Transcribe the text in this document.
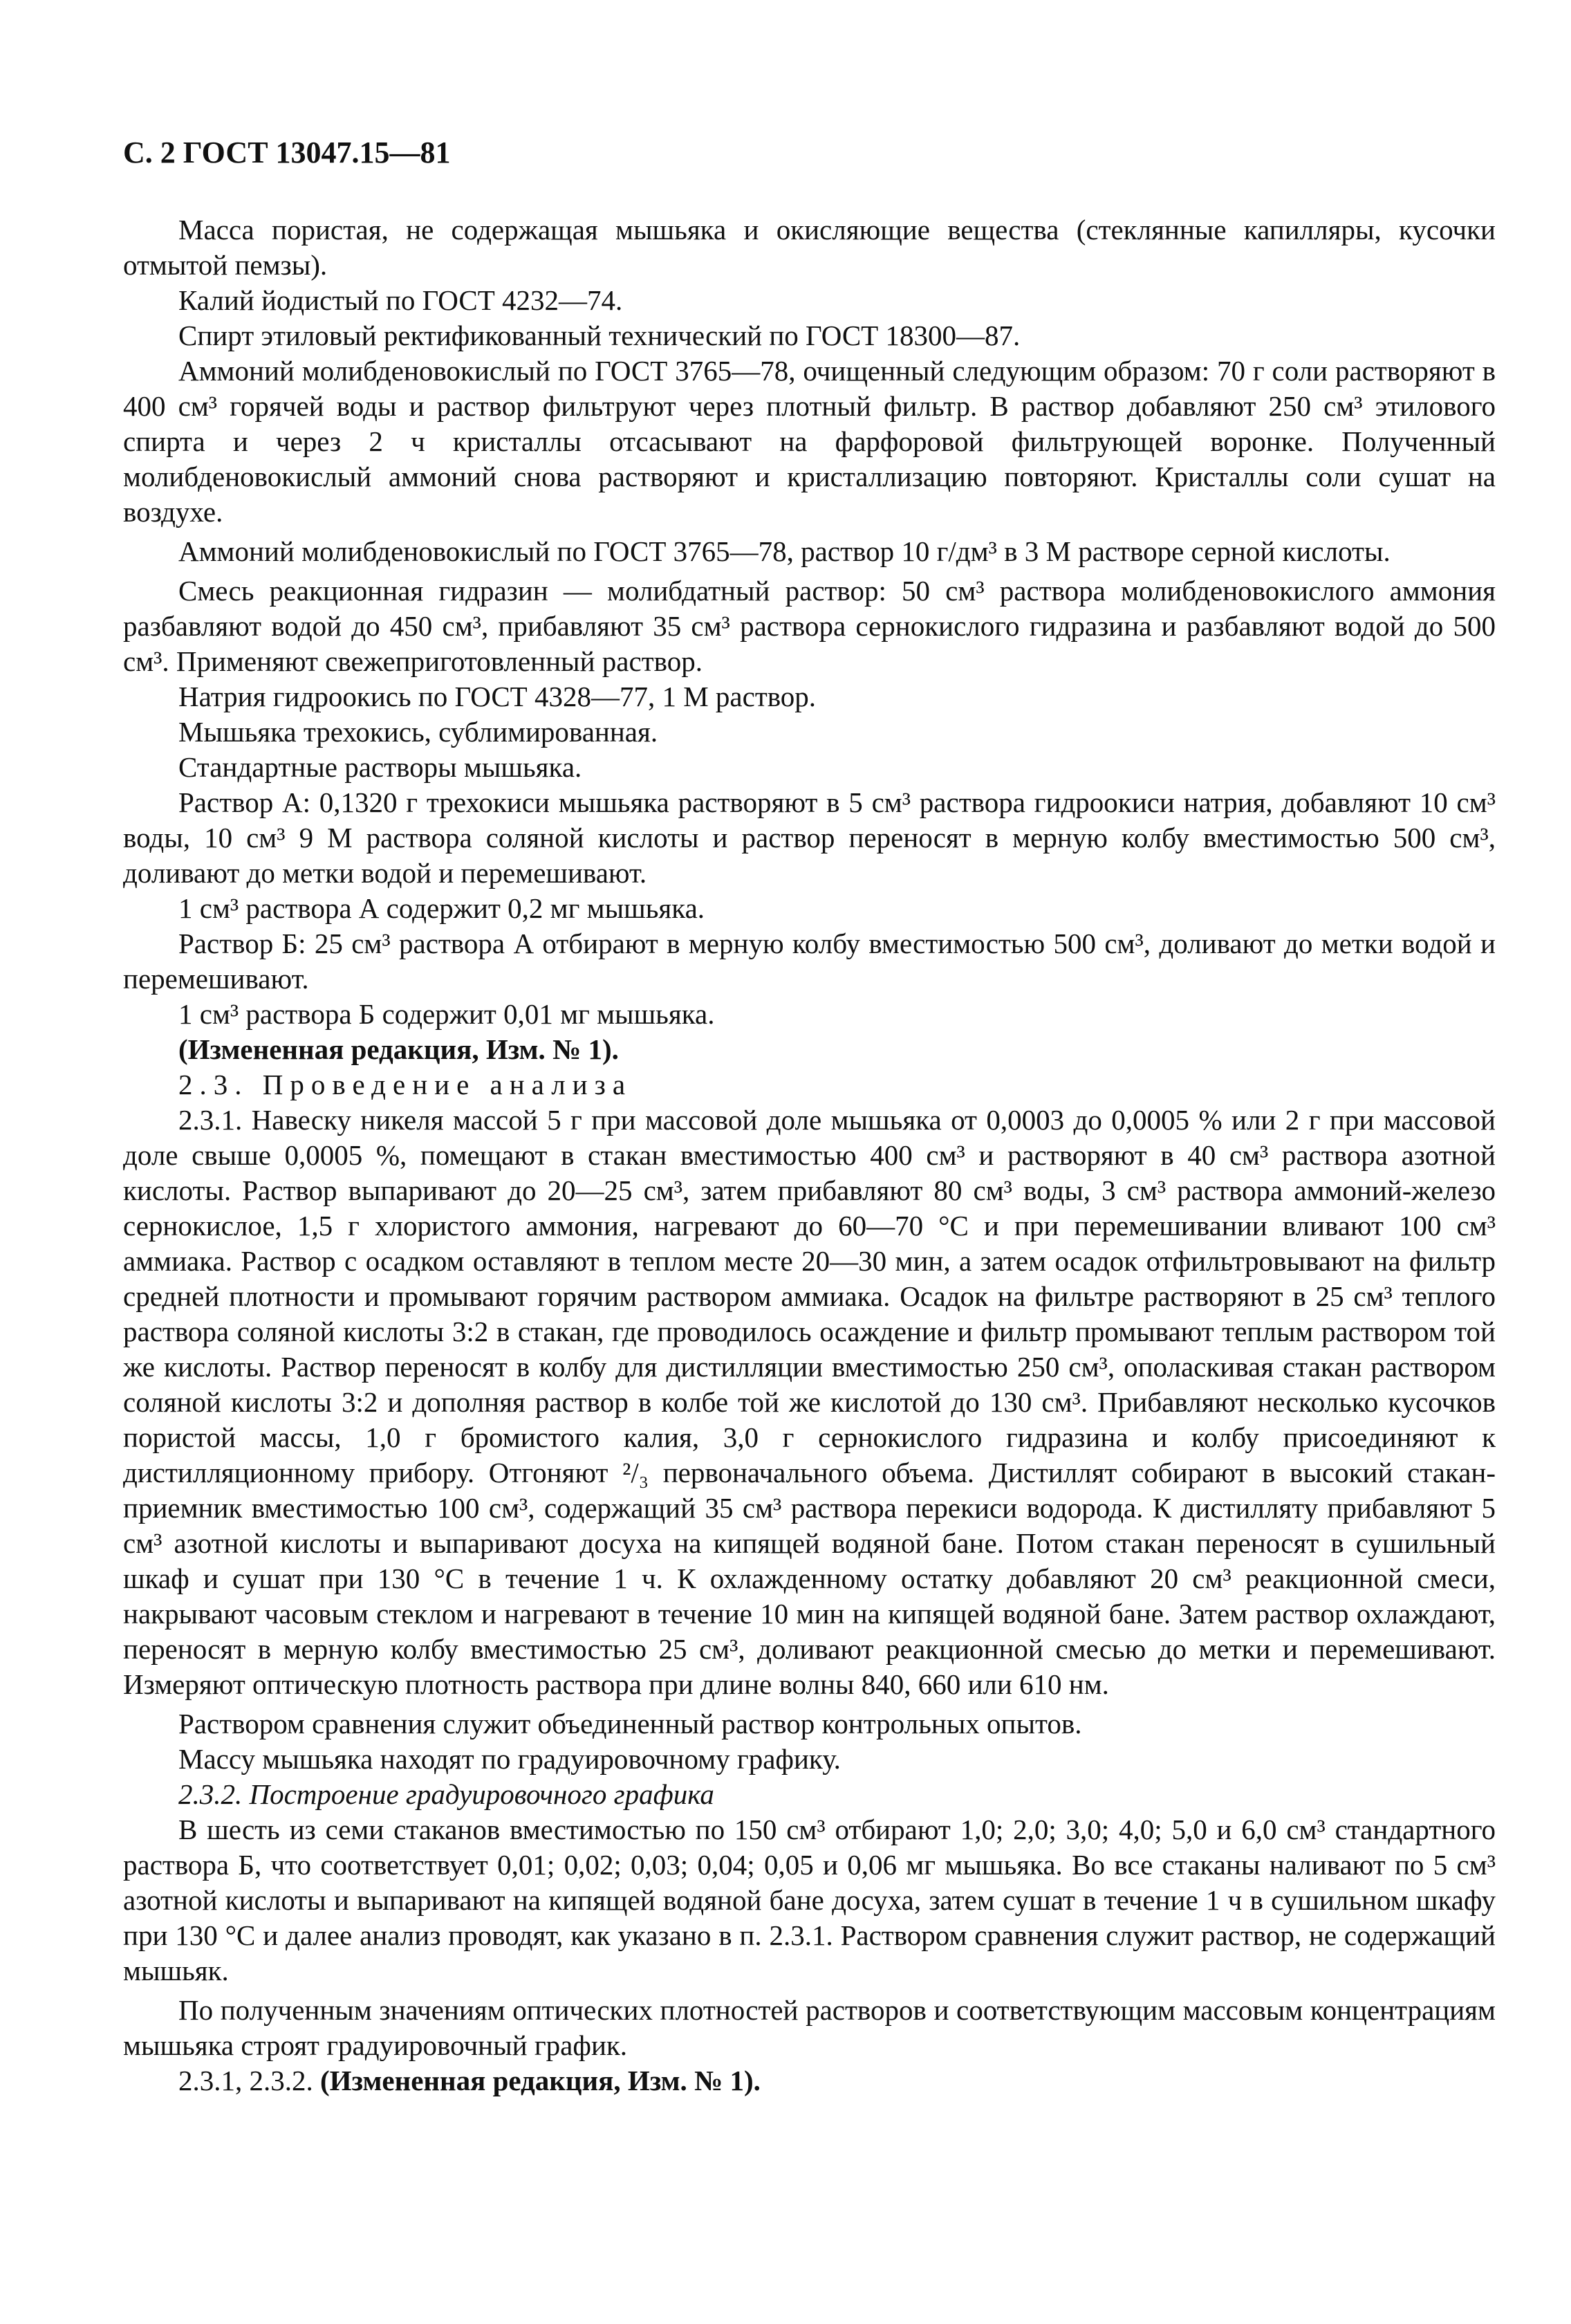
С. 2 ГОСТ 13047.15—81

Масса пористая, не содержащая мышьяка и окисляющие вещества (стеклянные капилляры, кусочки отмытой пемзы).

Калий йодистый по ГОСТ 4232—74.

Спирт этиловый ректификованный технический по ГОСТ 18300—87.

Аммоний молибденовокислый по ГОСТ 3765—78, очищенный следующим образом: 70 г соли растворяют в 400 см³ горячей воды и раствор фильтруют через плотный фильтр. В раствор добавляют 250 см³ этилового спирта и через 2 ч кристаллы отсасывают на фарфоровой фильтрующей воронке. Полученный молибденовокислый аммоний снова растворяют и кристаллизацию повторяют. Кристаллы соли сушат на воздухе.

Аммоний молибденовокислый по ГОСТ 3765—78, раствор 10 г/дм³ в 3 М растворе серной кислоты.

Смесь реакционная гидразин — молибдатный раствор: 50 см³ раствора молибденовокислого аммония разбавляют водой до 450 см³, прибавляют 35 см³ раствора сернокислого гидразина и разбавляют водой до 500 см³. Применяют свежеприготовленный раствор.

Натрия гидроокись по ГОСТ 4328—77, 1 М раствор.

Мышьяка трехокись, сублимированная.

Стандартные растворы мышьяка.

Раствор А: 0,1320 г трехокиси мышьяка растворяют в 5 см³ раствора гидроокиси натрия, добавляют 10 см³ воды, 10 см³ 9 М раствора соляной кислоты и раствор переносят в мерную колбу вместимостью 500 см³, доливают до метки водой и перемешивают.

1 см³ раствора А содержит 0,2 мг мышьяка.

Раствор Б: 25 см³ раствора А отбирают в мерную колбу вместимостью 500 см³, доливают до метки водой и перемешивают.

1 см³ раствора Б содержит 0,01 мг мышьяка.

(Измененная редакция, Изм. № 1).

2.3. Проведение анализа

2.3.1. Навеску никеля массой 5 г при массовой доле мышьяка от 0,0003 до 0,0005 % или 2 г при массовой доле свыше 0,0005 %, помещают в стакан вместимостью 400 см³ и растворяют в 40 см³ раствора азотной кислоты. Раствор выпаривают до 20—25 см³, затем прибавляют 80 см³ воды, 3 см³ раствора аммоний-железо сернокислое, 1,5 г хлористого аммония, нагревают до 60—70 °С и при перемешивании вливают 100 см³ аммиака. Раствор с осадком оставляют в теплом месте 20—30 мин, а затем осадок отфильтровывают на фильтр средней плотности и промывают горячим раствором аммиака. Осадок на фильтре растворяют в 25 см³ теплого раствора соляной кислоты 3:2 в стакан, где проводилось осаждение и фильтр промывают теплым раствором той же кислоты. Раствор переносят в колбу для дистилляции вместимостью 250 см³, ополаскивая стакан раствором соляной кислоты 3:2 и дополняя раствор в колбе той же кислотой до 130 см³. Прибавляют несколько кусочков пористой массы, 1,0 г бромистого калия, 3,0 г сернокислого гидразина и колбу присоединяют к дистилляционному прибору. Отгоняют ²/₃ первоначального объема. Дистиллят собирают в высокий стакан-приемник вместимостью 100 см³, содержащий 35 см³ раствора перекиси водорода. К дистилляту прибавляют 5 см³ азотной кислоты и выпаривают досуха на кипящей водяной бане. Потом стакан переносят в сушильный шкаф и сушат при 130 °С в течение 1 ч. К охлажденному остатку добавляют 20 см³ реакционной смеси, накрывают часовым стеклом и нагревают в течение 10 мин на кипящей водяной бане. Затем раствор охлаждают, переносят в мерную колбу вместимостью 25 см³, доливают реакционной смесью до метки и перемешивают. Измеряют оптическую плотность раствора при длине волны 840, 660 или 610 нм.

Раствором сравнения служит объединенный раствор контрольных опытов.

Массу мышьяка находят по градуировочному графику.

2.3.2. Построение градуировочного графика

В шесть из семи стаканов вместимостью по 150 см³ отбирают 1,0; 2,0; 3,0; 4,0; 5,0 и 6,0 см³ стандартного раствора Б, что соответствует 0,01; 0,02; 0,03; 0,04; 0,05 и 0,06 мг мышьяка. Во все стаканы наливают по 5 см³ азотной кислоты и выпаривают на кипящей водяной бане досуха, затем сушат в течение 1 ч в сушильном шкафу при 130 °С и далее анализ проводят, как указано в п. 2.3.1. Раствором сравнения служит раствор, не содержащий мышьяк.

По полученным значениям оптических плотностей растворов и соответствующим массовым концентрациям мышьяка строят градуировочный график.

2.3.1, 2.3.2. (Измененная редакция, Изм. № 1).
